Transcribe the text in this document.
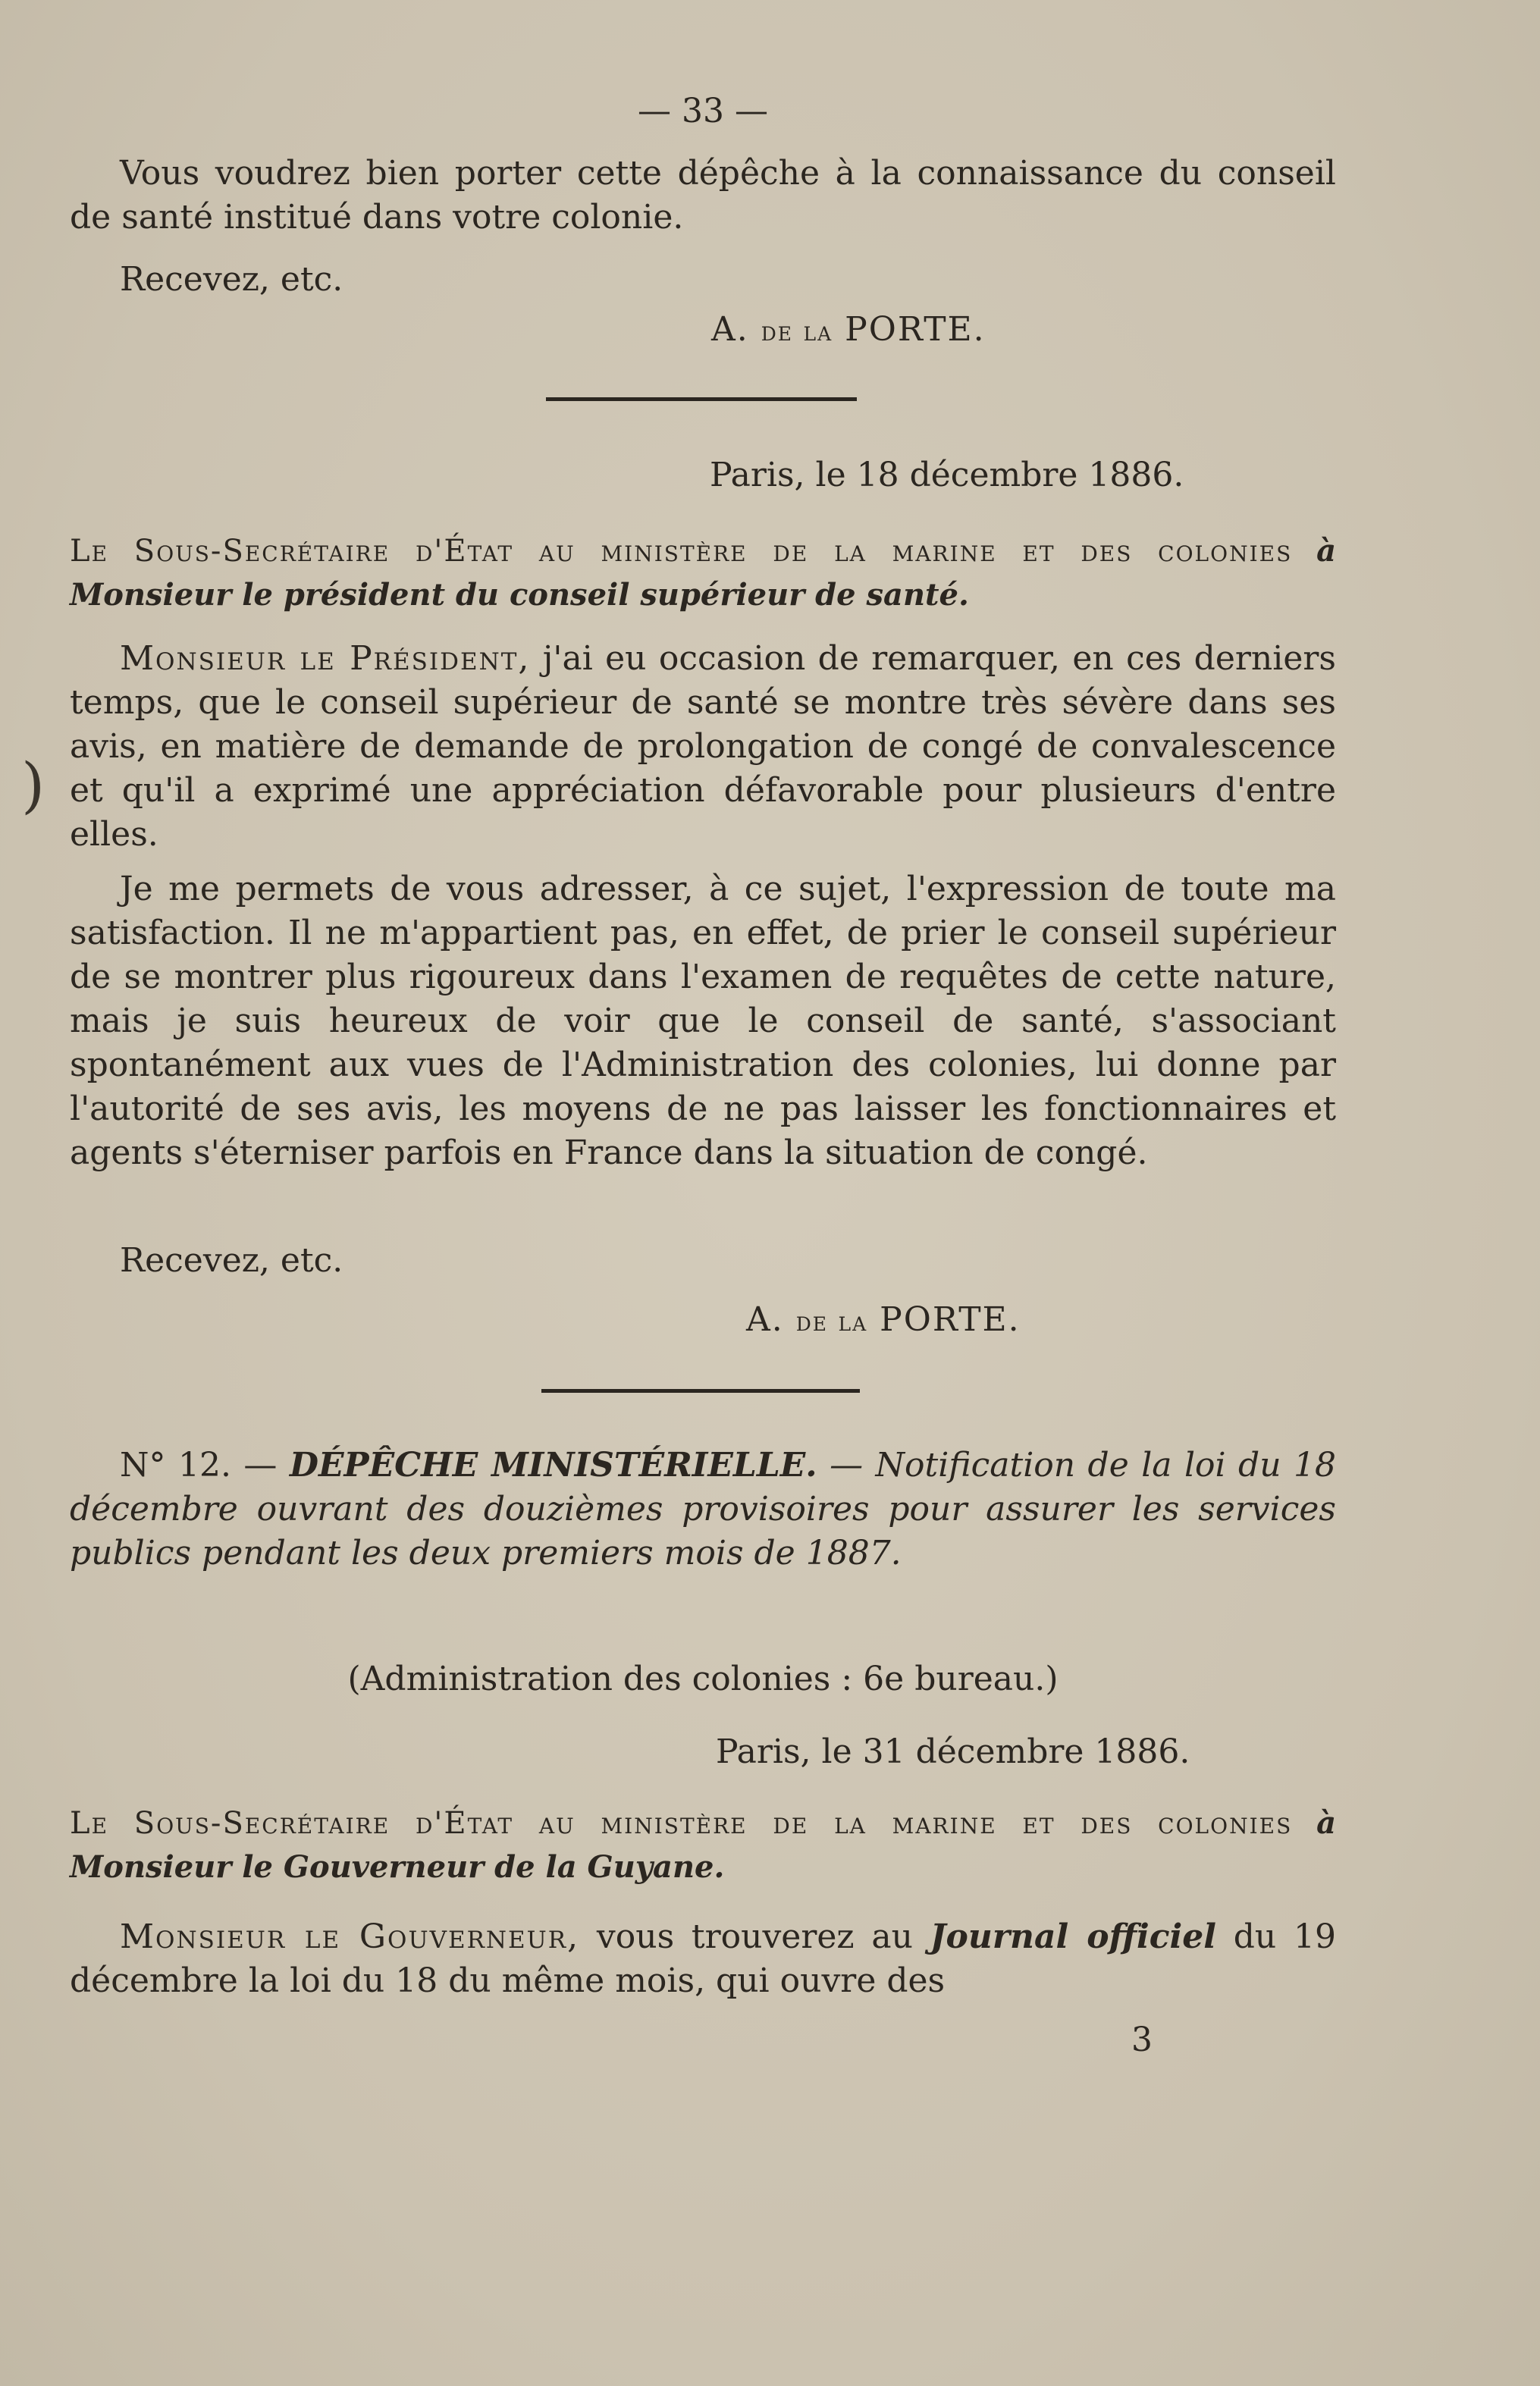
— 33 —

Vous voudrez bien porter cette dépêche à la connaissance du conseil de santé institué dans votre colonie.

Recevez, etc.
A. de la PORTE.
Paris, le 18 décembre 1886.

Le Sous-Secrétaire d'État au ministère de la marine et des colonies à Monsieur le président du conseil supérieur de santé.

Monsieur le Président, j'ai eu occasion de remarquer, en ces derniers temps, que le conseil supérieur de santé se montre très sévère dans ses avis, en matière de demande de prolongation de congé de convalescence et qu'il a exprimé une appréciation défavorable pour plusieurs d'entre elles.

)

Je me permets de vous adresser, à ce sujet, l'expression de toute ma satisfaction. Il ne m'appartient pas, en effet, de prier le conseil supérieur de se montrer plus rigoureux dans l'examen de requêtes de cette nature, mais je suis heureux de voir que le conseil de santé, s'associant spontanément aux vues de l'Administration des colonies, lui donne par l'autorité de ses avis, les moyens de ne pas laisser les fonctionnaires et agents s'éterniser parfois en France dans la situation de congé.

Recevez, etc.
A. de la PORTE.

N° 12. — DÉPÊCHE MINISTÉRIELLE. — Notification de la loi du 18 décembre ouvrant des douzièmes provisoires pour assurer les services publics pendant les deux premiers mois de 1887.

(Administration des colonies : 6e bureau.)
Paris, le 31 décembre 1886.

Le Sous-Secrétaire d'État au ministère de la marine et des colonies à Monsieur le Gouverneur de la Guyane.

Monsieur le Gouverneur, vous trouverez au Journal officiel du 19 décembre la loi du 18 du même mois, qui ouvre des

3
